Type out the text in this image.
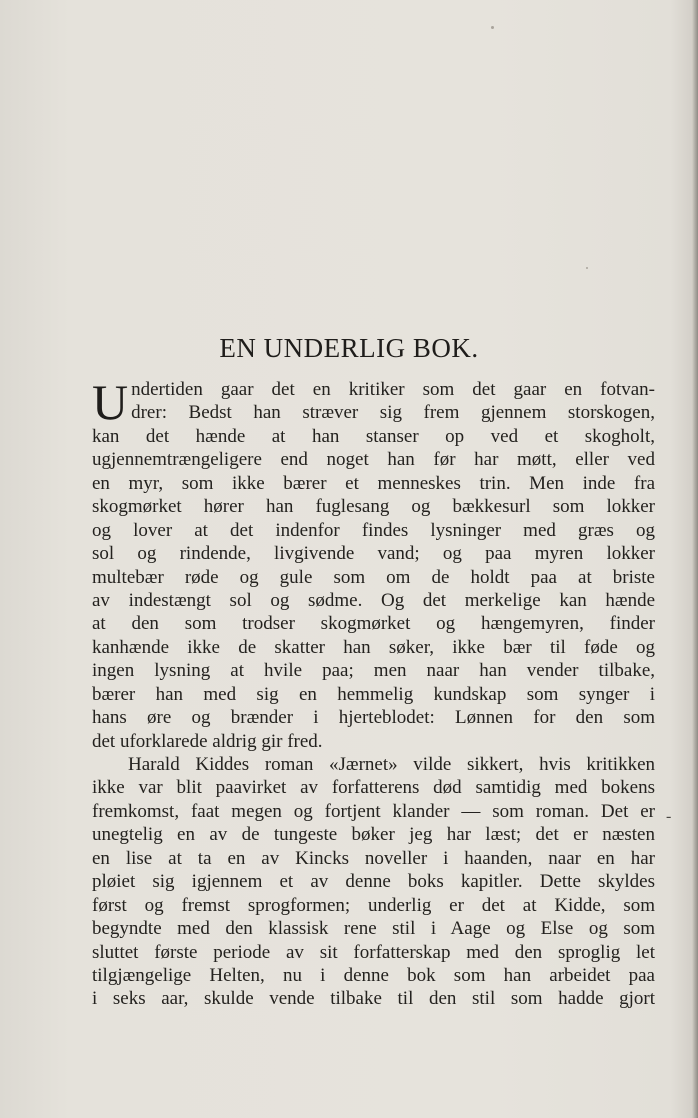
EN UNDERLIG BOK.
U ndertiden gaar det en kritiker som det gaar en fotvan-
drer: Bedst han stræver sig frem gjennem storskogen,
kan det hænde at han stanser op ved et skogholt,
ugjennemtrængeligere end noget han før har møtt, eller ved
en myr, som ikke bærer et menneskes trin. Men inde fra
skogmørket hører han fuglesang og bækkesurl som lokker
og lover at det indenfor findes lysninger med græs og
sol og rindende, livgivende vand; og paa myren lokker
multebær røde og gule som om de holdt paa at briste
av indestængt sol og sødme. Og det merkelige kan hænde
at den som trodser skogmørket og hængemyren, finder
kanhænde ikke de skatter han søker, ikke bær til føde og
ingen lysning at hvile paa; men naar han vender tilbake,
bærer han med sig en hemmelig kundskap som synger i
hans øre og brænder i hjerteblodet: Lønnen for den som
det uforklarede aldrig gir fred.
Harald Kiddes roman «Jærnet» vilde sikkert, hvis kritikken
ikke var blit paavirket av forfatterens død samtidig med bokens
fremkomst, faat megen og fortjent klander — som roman. Det er
unegtelig en av de tungeste bøker jeg har læst; det er næsten
en lise at ta en av Kincks noveller i haanden, naar en har
pløiet sig igjennem et av denne boks kapitler. Dette skyldes
først og fremst sprogformen; underlig er det at Kidde, som
begyndte med den klassisk rene stil i Aage og Else og som
sluttet første periode av sit forfatterskap med den sproglig let
tilgjængelige Helten, nu i denne bok som han arbeidet paa
i seks aar, skulde vende tilbake til den stil som hadde gjort
-
